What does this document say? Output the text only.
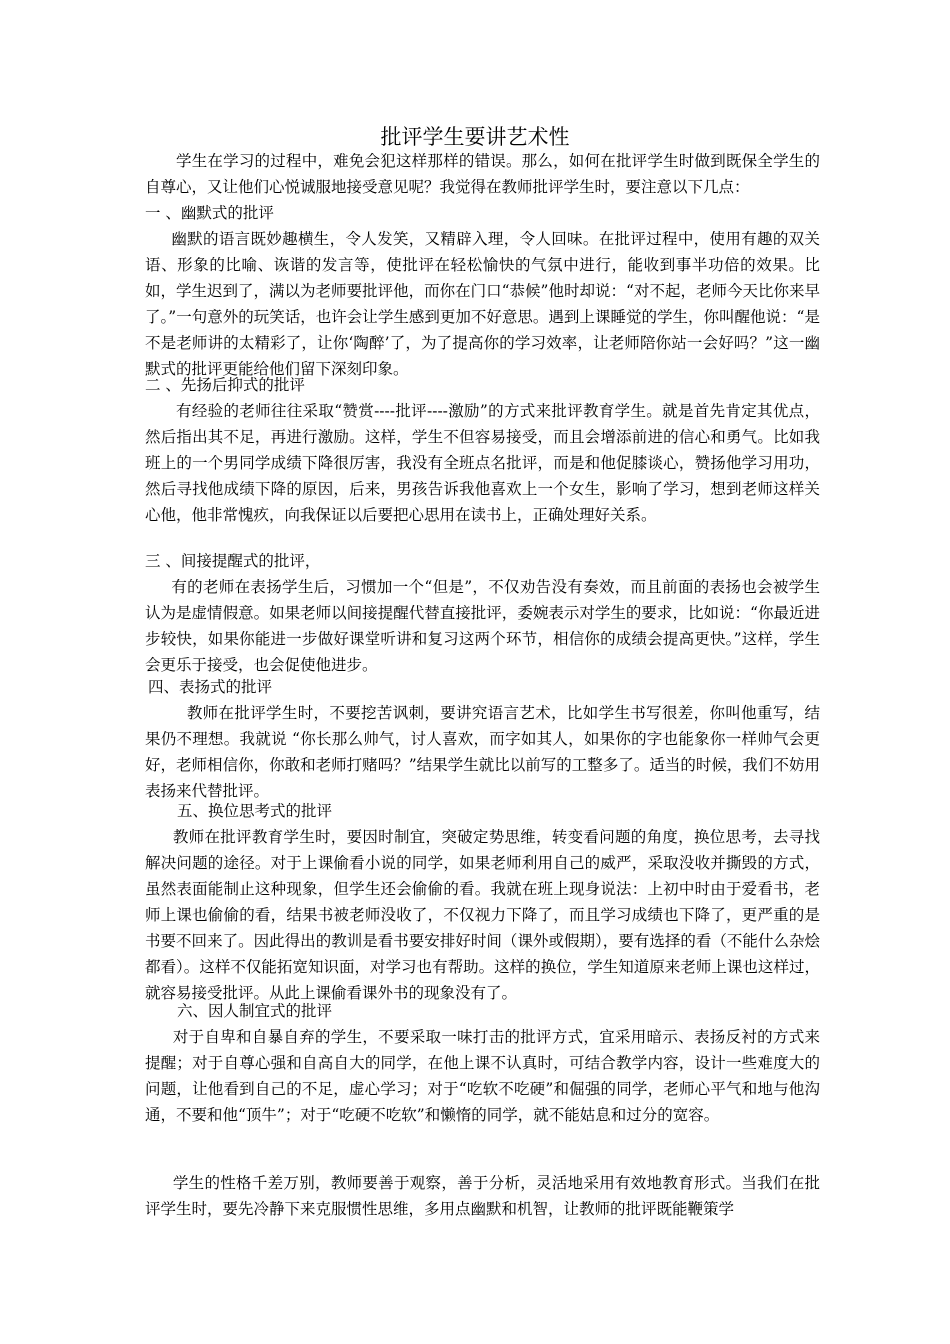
批评学生要讲艺术性

学生在学习的过程中，难免会犯这样那样的错误。那么，如何在批评学生时做到既保全学生的自尊心，又让他们心悦诚服地接受意见呢？我觉得在教师批评学生时，要注意以下几点：

一 、幽默式的批评

幽默的语言既妙趣横生，令人发笑，又精辟入理，令人回味。在批评过程中，使用有趣的双关语、形象的比喻、诙谐的发言等，使批评在轻松愉快的气氛中进行，能收到事半功倍的效果。比如，学生迟到了，满以为老师要批评他，而你在门口“恭候”他时却说：“对不起，老师今天比你来早了。”一句意外的玩笑话，也许会让学生感到更加不好意思。遇到上课睡觉的学生，你叫醒他说：“是不是老师讲的太精彩了，让你‘陶醉’了，为了提高你的学习效率，让老师陪你站一会好吗？”这一幽默式的批评更能给他们留下深刻印象。

二 、先扬后抑式的批评

有经验的老师往往采取“赞赏----批评----激励”的方式来批评教育学生。就是首先肯定其优点，然后指出其不足，再进行激励。这样，学生不但容易接受，而且会增添前进的信心和勇气。比如我班上的一个男同学成绩下降很厉害，我没有全班点名批评，而是和他促膝谈心，赞扬他学习用功，然后寻找他成绩下降的原因，后来，男孩告诉我他喜欢上一个女生，影响了学习，想到老师这样关心他，他非常愧疚，向我保证以后要把心思用在读书上，正确处理好关系。

三 、间接提醒式的批评，

有的老师在表扬学生后，习惯加一个“但是”，不仅劝告没有奏效，而且前面的表扬也会被学生认为是虚情假意。如果老师以间接提醒代替直接批评，委婉表示对学生的要求，比如说：“你最近进步较快，如果你能进一步做好课堂听讲和复习这两个环节，相信你的成绩会提高更快。”这样，学生会更乐于接受，也会促使他进步。

四、表扬式的批评

教师在批评学生时，不要挖苦讽刺，要讲究语言艺术，比如学生书写很差，你叫他重写，结果仍不理想。我就说 “你长那么帅气，讨人喜欢，而字如其人，如果你的字也能象你一样帅气会更好，老师相信你，你敢和老师打赌吗？”结果学生就比以前写的工整多了。适当的时候，我们不妨用表扬来代替批评。

五、换位思考式的批评

教师在批评教育学生时，要因时制宜，突破定势思维，转变看问题的角度，换位思考，去寻找解决问题的途径。对于上课偷看小说的同学，如果老师利用自己的威严，采取没收并撕毁的方式，虽然表面能制止这种现象，但学生还会偷偷的看。我就在班上现身说法：上初中时由于爱看书，老师上课也偷偷的看，结果书被老师没收了，不仅视力下降了，而且学习成绩也下降了，更严重的是书要不回来了。因此得出的教训是看书要安排好时间（课外或假期），要有选择的看（不能什么杂烩都看）。这样不仅能拓宽知识面，对学习也有帮助。这样的换位，学生知道原来老师上课也这样过，就容易接受批评。从此上课偷看课外书的现象没有了。

六、因人制宜式的批评

对于自卑和自暴自弃的学生，不要采取一味打击的批评方式，宜采用暗示、表扬反衬的方式来提醒；对于自尊心强和自高自大的同学，在他上课不认真时，可结合教学内容，设计一些难度大的问题，让他看到自己的不足，虚心学习；对于“吃软不吃硬”和倔强的同学，老师心平气和地与他沟通，不要和他“顶牛”；对于“吃硬不吃软”和懒惰的同学，就不能姑息和过分的宽容。

学生的性格千差万别，教师要善于观察，善于分析，灵活地采用有效地教育形式。当我们在批评学生时，要先冷静下来克服惯性思维，多用点幽默和机智，让教师的批评既能鞭策学
